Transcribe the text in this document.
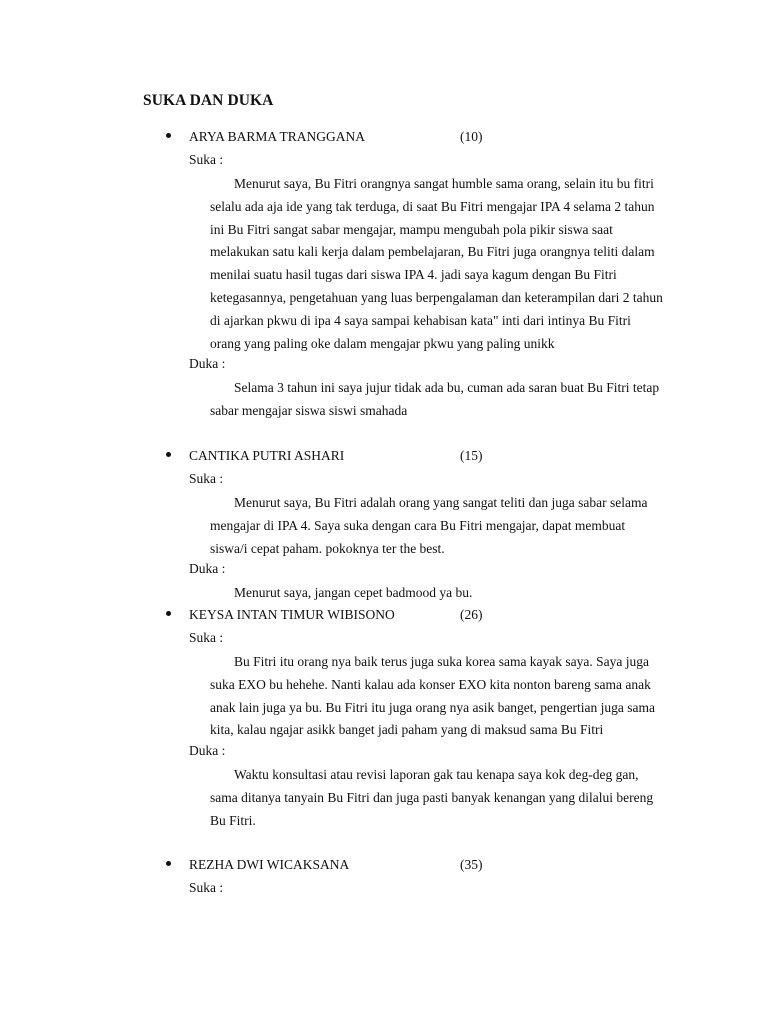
SUKA DAN DUKA
ARYA BARMA TRANGGANA	(10)
Suka :

Menurut saya, Bu Fitri orangnya sangat humble sama orang, selain itu bu fitri selalu ada aja ide yang tak terduga, di saat Bu Fitri mengajar IPA 4 selama 2 tahun ini Bu Fitri sangat sabar mengajar, mampu mengubah pola pikir siswa saat melakukan satu kali kerja dalam pembelajaran, Bu Fitri juga orangnya teliti dalam menilai suatu hasil tugas dari siswa IPA 4. jadi saya kagum dengan Bu Fitri ketegasannya, pengetahuan yang luas berpengalaman dan keterampilan dari 2 tahun di ajarkan pkwu di ipa 4 saya sampai kehabisan kata" inti dari intinya Bu Fitri orang yang paling oke dalam mengajar pkwu yang paling unikk

Duka :

Selama 3 tahun ini saya jujur tidak ada bu, cuman ada saran buat Bu Fitri tetap sabar mengajar siswa siswi smahada

CANTIKA PUTRI ASHARI	(15)
Suka :

Menurut saya, Bu Fitri adalah orang yang sangat teliti dan juga sabar selama mengajar di IPA 4. Saya suka dengan cara Bu Fitri mengajar, dapat membuat siswa/i cepat paham. pokoknya ter the best.

Duka :

Menurut saya, jangan cepet badmood ya bu.

KEYSA INTAN TIMUR WIBISONO	(26)
Suka :

Bu Fitri itu orang nya baik terus juga suka korea sama kayak saya. Saya juga suka EXO bu hehehe. Nanti kalau ada konser EXO kita nonton bareng sama anak anak lain juga ya bu. Bu Fitri itu juga orang nya asik banget, pengertian juga sama kita, kalau ngajar asikk banget jadi paham yang di maksud sama Bu Fitri

Duka :

Waktu konsultasi atau revisi laporan gak tau kenapa saya kok deg-deg gan, sama ditanya tanyain Bu Fitri dan juga pasti banyak kenangan yang dilalui bereng Bu Fitri.

REZHA DWI WICAKSANA	(35)
Suka :
